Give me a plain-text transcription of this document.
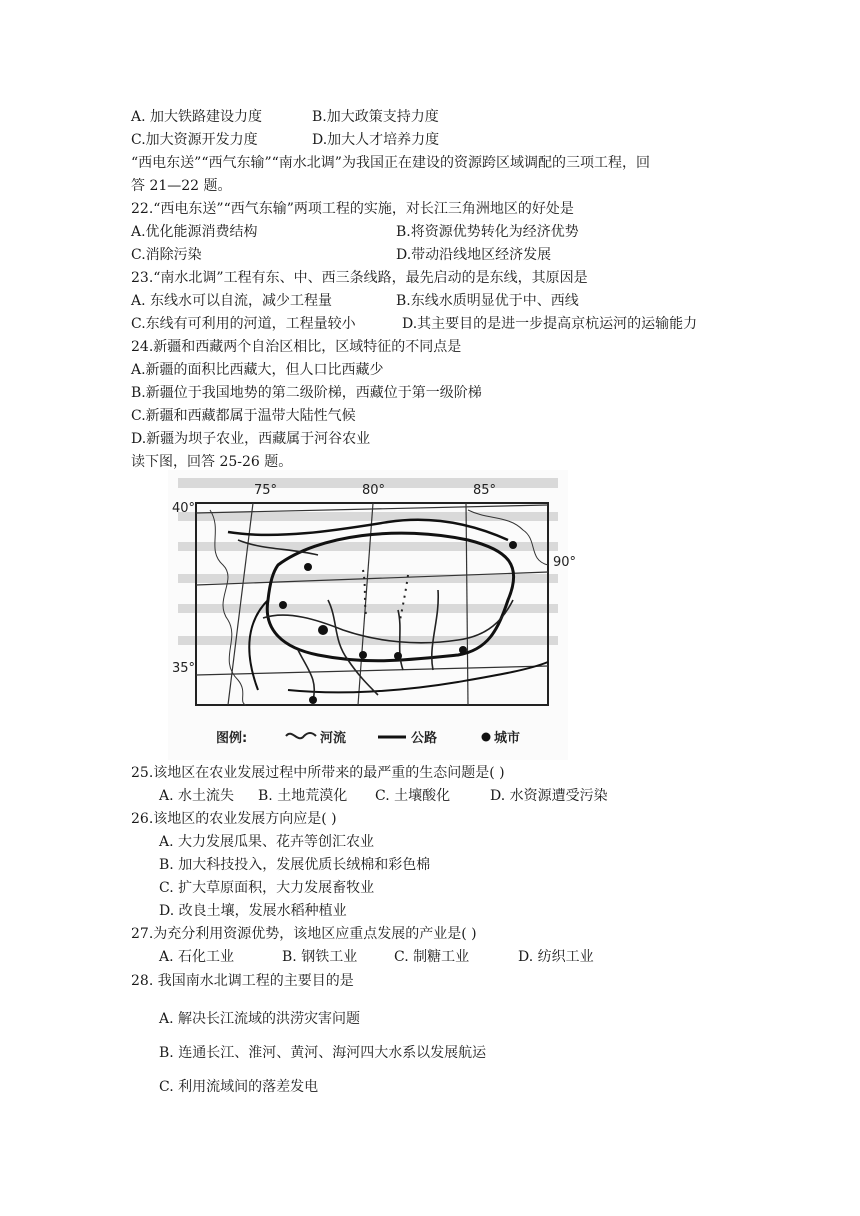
A. 加大铁路建设力度	B.加大政策支持力度
C.加大资源开发力度	D.加大人才培养力度
“西电东送”“西气东输”“南水北调”为我国正在建设的资源跨区域调配的三项工程，回
答 21—22 题。
22.“西电东送”“西气东输”两项工程的实施，对长江三角洲地区的好处是
A.优化能源消费结构	B.将资源优势转化为经济优势
C.消除污染	D.带动沿线地区经济发展
23.“南水北调”工程有东、中、西三条线路，最先启动的是东线，其原因是
A. 东线水可以自流，减少工程量	B.东线水质明显优于中、西线
C.东线有可利用的河道，工程量较小	D.其主要目的是进一步提高京杭运河的运输能力
24.新疆和西藏两个自治区相比，区域特征的不同点是
A.新疆的面积比西藏大，但人口比西藏少
B.新疆位于我国地势的第二级阶梯，西藏位于第一级阶梯
C.新疆和西藏都属于温带大陆性气候
D.新疆为坝子农业，西藏属于河谷农业
读下图，回答 25-26 题。
75°	80°	85°
40°
35°
90°
图例:	河流	公路	城市
25.该地区在农业发展过程中所带来的最严重的生态问题是( )
A. 水土流失 B. 土地荒漠化 C. 土壤酸化	D. 水资源遭受污染
26.该地区的农业发展方向应是( )
A. 大力发展瓜果、花卉等创汇农业
B. 加大科技投入，发展优质长绒棉和彩色棉
C. 扩大草原面积，大力发展畜牧业
D. 改良土壤，发展水稻种植业
27.为充分利用资源优势，该地区应重点发展的产业是( )
A. 石化工业	B. 钢铁工业	C. 制糖工业	D. 纺织工业
28. 我国南水北调工程的主要目的是
A. 解决长江流域的洪涝灾害问题
B. 连通长江、淮河、黄河、海河四大水系以发展航运
C. 利用流域间的落差发电
